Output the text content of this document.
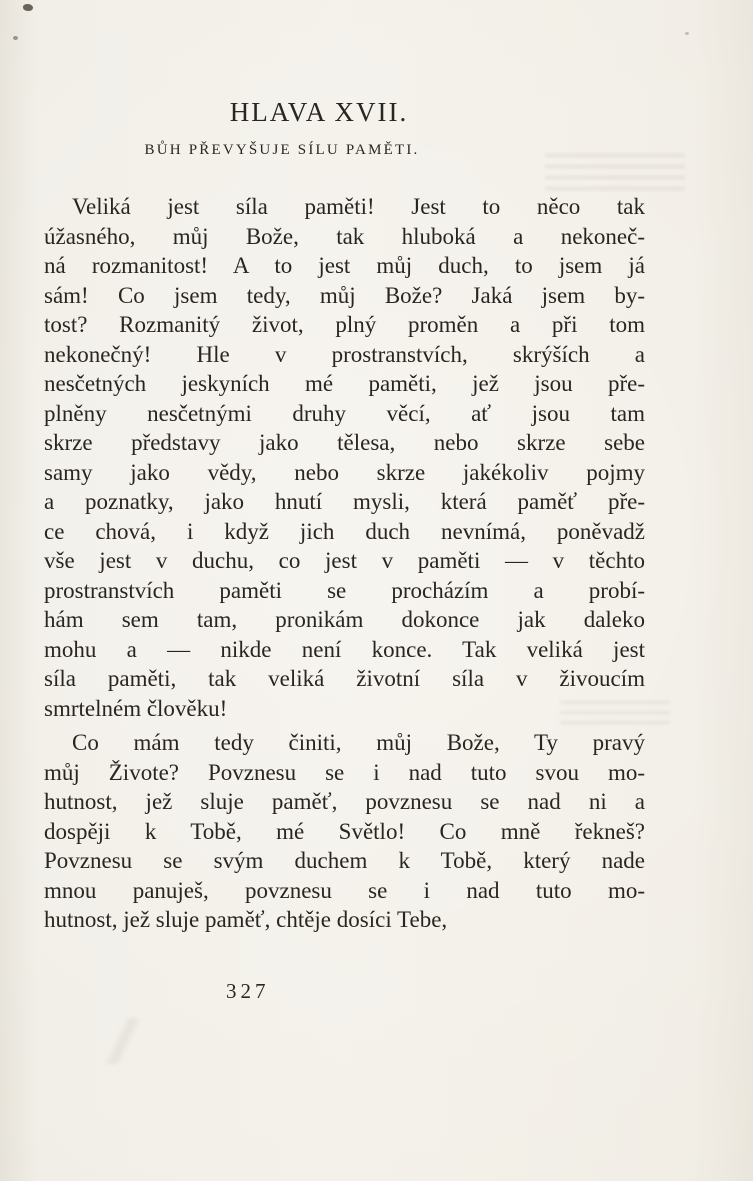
HLAVA XVII.
BŮH PŘEVYŠUJE SÍLU PAMĚTI.
Veliká jest síla paměti! Jest to něco tak
úžasného, můj Bože, tak hluboká a nekoneč-
ná rozmanitost! A to jest můj duch, to jsem já
sám! Co jsem tedy, můj Bože? Jaká jsem by-
tost? Rozmanitý život, plný proměn a při tom
nekonečný! Hle v prostranstvích, skrýších a
nesčetných jeskyních mé paměti, jež jsou pře-
plněny nesčetnými druhy věcí, ať jsou tam
skrze představy jako tělesa, nebo skrze sebe
samy jako vědy, nebo skrze jakékoliv pojmy
a poznatky, jako hnutí mysli, která paměť pře-
ce chová, i když jich duch nevnímá, poněvadž
vše jest v duchu, co jest v paměti — v těchto
prostranstvích paměti se procházím a probí-
hám sem tam, pronikám dokonce jak daleko
mohu a — nikde není konce. Tak veliká jest
síla paměti, tak veliká životní síla v živoucím
smrtelném člověku!
Co mám tedy činiti, můj Bože, Ty pravý
můj Živote? Povznesu se i nad tuto svou mo-
hutnost, jež sluje paměť, povznesu se nad ni a
dospěji k Tobě, mé Světlo! Co mně řekneš?
Povznesu se svým duchem k Tobě, který nade
mnou panuješ, povznesu se i nad tuto mo-
hutnost, jež sluje paměť, chtěje dosíci Tebe,
327
